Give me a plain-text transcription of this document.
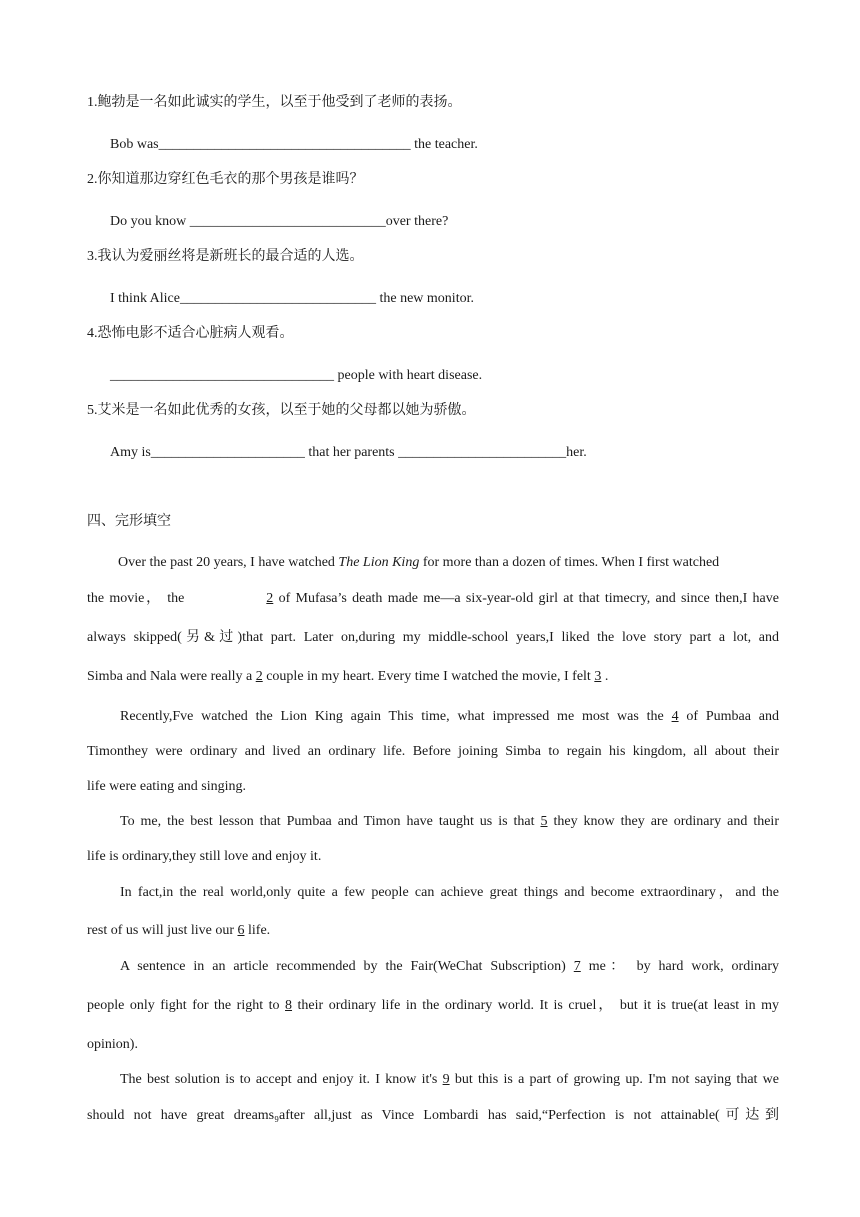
1.鲍勃是一名如此诚实的学生，以至于他受到了老师的表扬。
Bob was____________________________________ the teacher.
2.你知道那边穿红色毛衣的那个男孩是谁吗？
Do you know ____________________________over there?
3.我认为爱丽丝将是新班长的最合适的人选。
I think Alice____________________________ the new monitor.
4.恐怖电影不适合心脏病人观看。
________________________________ people with heart disease.
5.艾米是一名如此优秀的女孩，以至于她的父母都以她为骄傲。
Amy is______________________ that her parents ________________________her.
四、完形填空
Over the past 20 years, I have watched The Lion King for more than a dozen of times. When I first watched
the movie， the	2 of Mufasa’s death made me—a six-year-old girl at that timecry, and since then,I have
always skipped(另&过)that part. Later on,during my middle-school years,I liked the love story part a lot, and
Simba and Nala were really a 2 couple in my heart. Every time I watched the movie, I felt 3 .
Recently,Fve watched the Lion King again This time, what impressed me most was the 4 of Pumbaa and
Timonthey were ordinary and lived an ordinary life. Before joining Simba to regain his kingdom, all about their
life were eating and singing.
To me, the best lesson that Pumbaa and Timon have taught us is that 5 they know they are ordinary and their
life is ordinary,they still love and enjoy it.
In fact,in the real world,only quite a few people can achieve great things and become extraordinary，and the
rest of us will just live our 6 life.
A sentence in an article recommended by the Fair(WeChat Subscription) 7 me： by hard work, ordinary
people only fight for the right to 8 their ordinary life in the ordinary world. It is cruel， but it is true(at least in my
opinion).
The best solution is to accept and enjoy it. I know it's 9 but this is a part of growing up. I'm not saying that we
should not have great dreams₉after all,just as Vince Lombardi has said,“Perfection is not attainable(可达到
